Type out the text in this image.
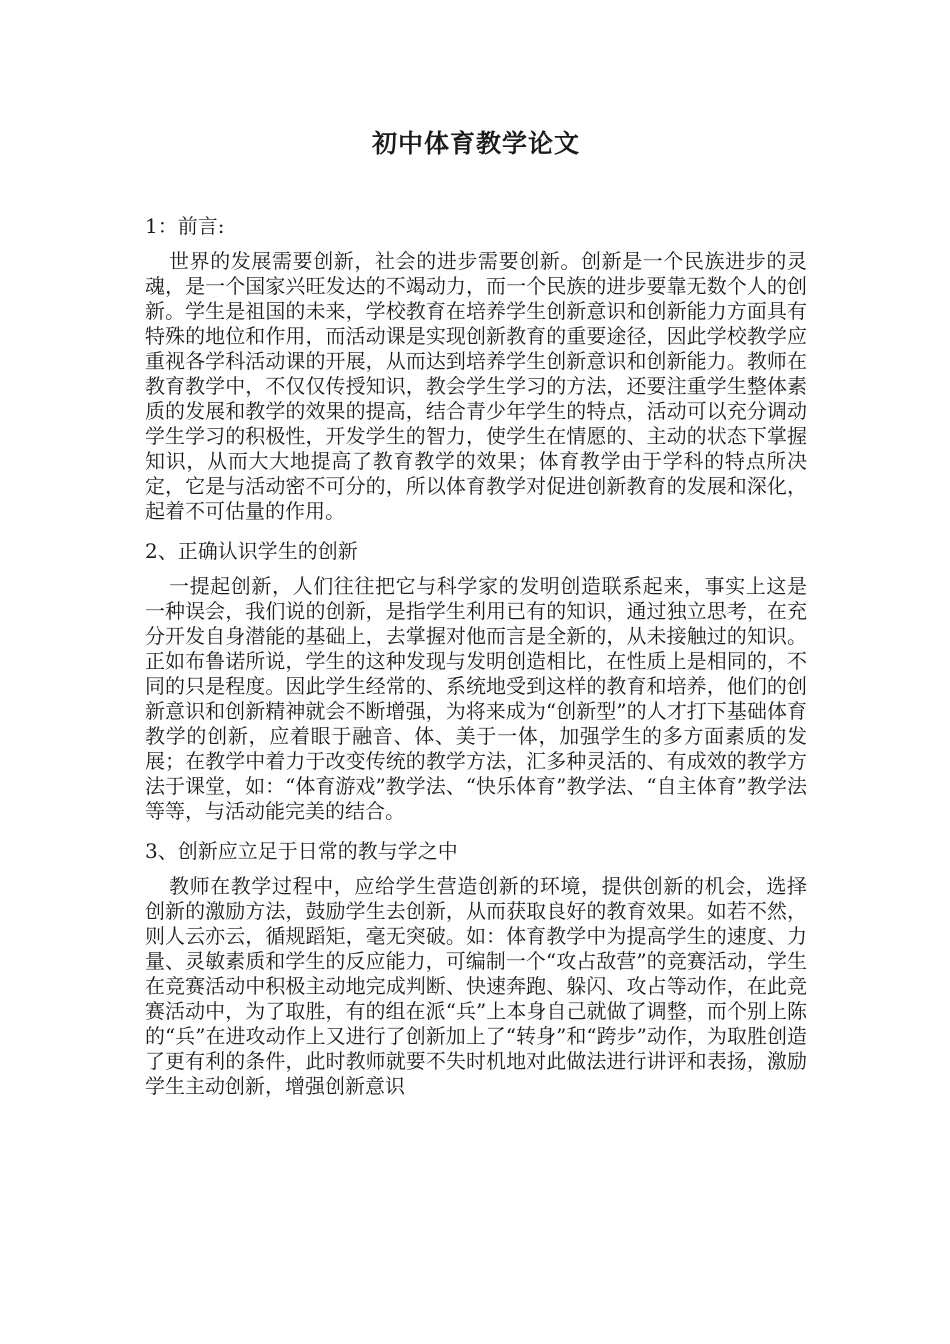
初中体育教学论文
1：前言:

世界的发展需要创新，社会的进步需要创新。创新是一个民族进步的灵魂，是一个国家兴旺发达的不竭动力，而一个民族的进步要靠无数个人的创新。学生是祖国的未来，学校教育在培养学生创新意识和创新能力方面具有特殊的地位和作用，而活动课是实现创新教育的重要途径，因此学校教学应重视各学科活动课的开展，从而达到培养学生创新意识和创新能力。教师在教育教学中，不仅仅传授知识，教会学生学习的方法，还要注重学生整体素质的发展和教学的效果的提高，结合青少年学生的特点，活动可以充分调动学生学习的积极性，开发学生的智力，使学生在情愿的、主动的状态下掌握知识，从而大大地提高了教育教学的效果；体育教学由于学科的特点所决定，它是与活动密不可分的，所以体育教学对促进创新教育的发展和深化，起着不可估量的作用。

2、正确认识学生的创新

一提起创新，人们往往把它与科学家的发明创造联系起来，事实上这是一种误会，我们说的创新，是指学生利用已有的知识，通过独立思考，在充分开发自身潜能的基础上，去掌握对他而言是全新的，从未接触过的知识。正如布鲁诺所说，学生的这种发现与发明创造相比，在性质上是相同的，不同的只是程度。因此学生经常的、系统地受到这样的教育和培养，他们的创新意识和创新精神就会不断增强，为将来成为“创新型”的人才打下基础体育教学的创新，应着眼于融音、体、美于一体，加强学生的多方面素质的发展；在教学中着力于改变传统的教学方法，汇多种灵活的、有成效的教学方法于课堂，如：“体育游戏”教学法、“快乐体育”教学法、“自主体育”教学法等等，与活动能完美的结合。

3、创新应立足于日常的教与学之中

教师在教学过程中，应给学生营造创新的环境，提供创新的机会，选择创新的激励方法，鼓励学生去创新，从而获取良好的教育效果。如若不然，则人云亦云，循规蹈矩，毫无突破。如：体育教学中为提高学生的速度、力量、灵敏素质和学生的反应能力，可编制一个“攻占敌营”的竞赛活动，学生在竞赛活动中积极主动地完成判断、快速奔跑、躲闪、攻占等动作，在此竞赛活动中，为了取胜，有的组在派“兵”上本身自己就做了调整，而个别上陈的“兵”在进攻动作上又进行了创新加上了“转身”和“跨步”动作，为取胜创造了更有利的条件，此时教师就要不失时机地对此做法进行讲评和表扬，激励学生主动创新，增强创新意识
